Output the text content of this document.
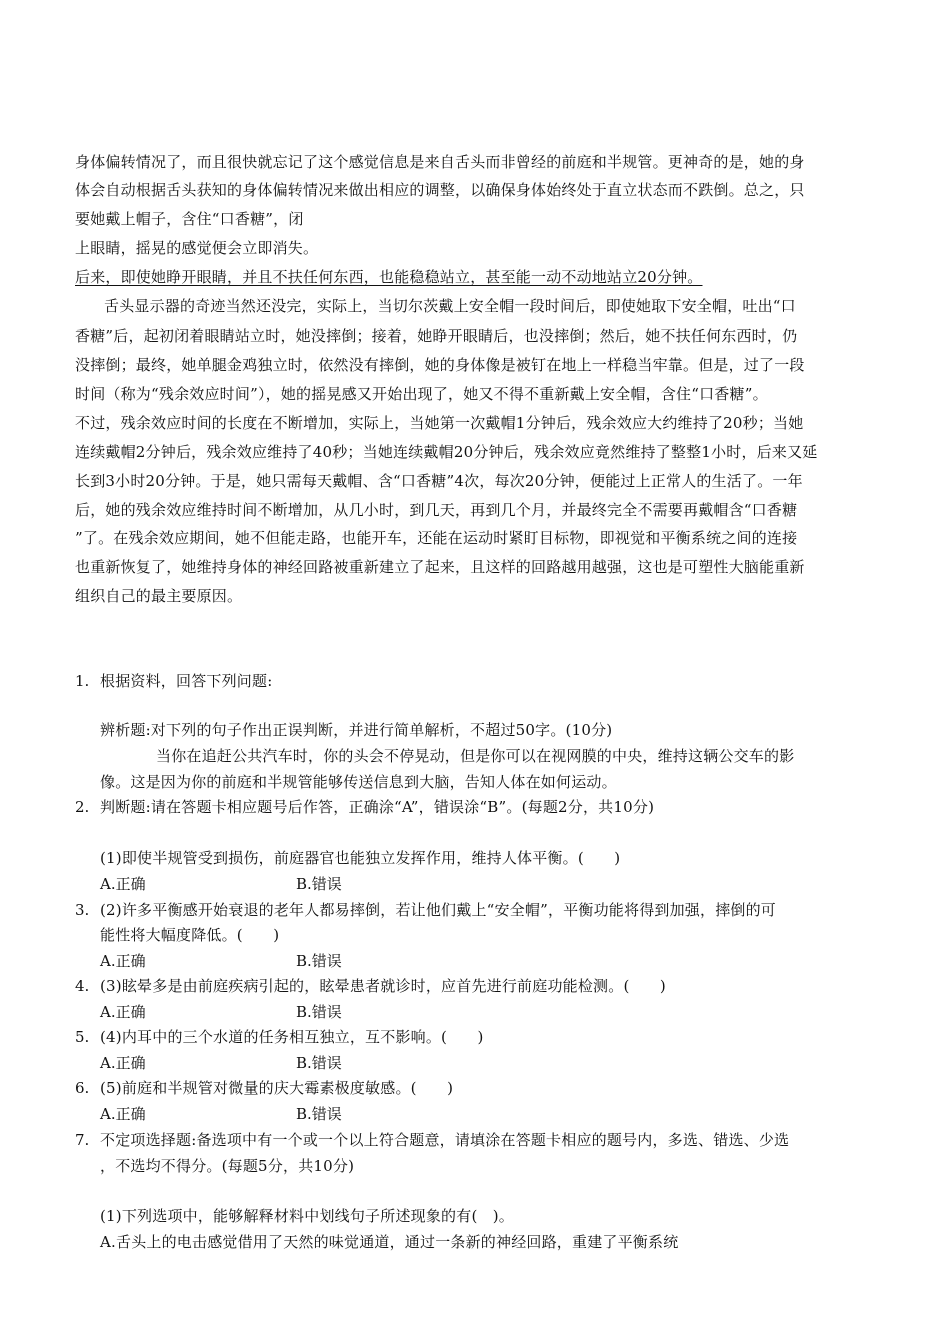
身体偏转情况了，而且很快就忘记了这个感觉信息是来自舌头而非曾经的前庭和半规管。更神奇的是，她的身
体会自动根据舌头获知的身体偏转情况来做出相应的调整，以确保身体始终处于直立状态而不跌倒。总之，只
要她戴上帽子，含住“口香糖”，闭
上眼睛，摇晃的感觉便会立即消失。
后来，即使她睁开眼睛，并且不扶任何东西，也能稳稳站立，甚至能一动不动地站立20分钟。
舌头显示器的奇迹当然还没完，实际上，当切尔茨戴上安全帽一段时间后，即使她取下安全帽，吐出“口
香糖”后，起初闭着眼睛站立时，她没摔倒；接着，她睁开眼睛后，也没摔倒；然后，她不扶任何东西时，仍
没摔倒；最终，她单腿金鸡独立时，依然没有摔倒，她的身体像是被钉在地上一样稳当牢靠。但是，过了一段
时间（称为“残余效应时间”），她的摇晃感又开始出现了，她又不得不重新戴上安全帽，含住“口香糖”。
不过，残余效应时间的长度在不断增加，实际上，当她第一次戴帽1分钟后，残余效应大约维持了20秒；当她
连续戴帽2分钟后，残余效应维持了40秒；当她连续戴帽20分钟后，残余效应竟然维持了整整1小时，后来又延
长到3小时20分钟。于是，她只需每天戴帽、含“口香糖”4次，每次20分钟，便能过上正常人的生活了。一年
后，她的残余效应维持时间不断增加，从几小时，到几天，再到几个月，并最终完全不需要再戴帽含“口香糖
”了。在残余效应期间，她不但能走路，也能开车，还能在运动时紧盯目标物，即视觉和平衡系统之间的连接
也重新恢复了，她维持身体的神经回路被重新建立了起来，且这样的回路越用越强，这也是可塑性大脑能重新
组织自己的最主要原因。
1. 根据资料，回答下列问题:
辨析题:对下列的句子作出正误判断，并进行简单解析，不超过50字。(10分)
当你在追赶公共汽车时，你的头会不停晃动，但是你可以在视网膜的中央，维持这辆公交车的影
像。这是因为你的前庭和半规管能够传送信息到大脑，告知人体在如何运动。
2. 判断题:请在答题卡相应题号后作答，正确涂“A”，错误涂“B”。(每题2分，共10分)
(1)即使半规管受到损伤，前庭器官也能独立发挥作用，维持人体平衡。(　　)
A.正确	B.错误
3. (2)许多平衡感开始衰退的老年人都易摔倒，若让他们戴上“安全帽”，平衡功能将得到加强，摔倒的可
能性将大幅度降低。(　　)
A.正确	B.错误
4. (3)眩晕多是由前庭疾病引起的，眩晕患者就诊时，应首先进行前庭功能检测。(　　)
A.正确	B.错误
5. (4)内耳中的三个水道的任务相互独立，互不影响。(　　)
A.正确	B.错误
6. (5)前庭和半规管对微量的庆大霉素极度敏感。(　　)
A.正确	B.错误
7. 不定项选择题:备选项中有一个或一个以上符合题意，请填涂在答题卡相应的题号内，多选、错选、少选
，不选均不得分。(每题5分，共10分)
(1)下列选项中，能够解释材料中划线句子所述现象的有(　)。
A.舌头上的电击感觉借用了天然的味觉通道，通过一条新的神经回路，重建了平衡系统
